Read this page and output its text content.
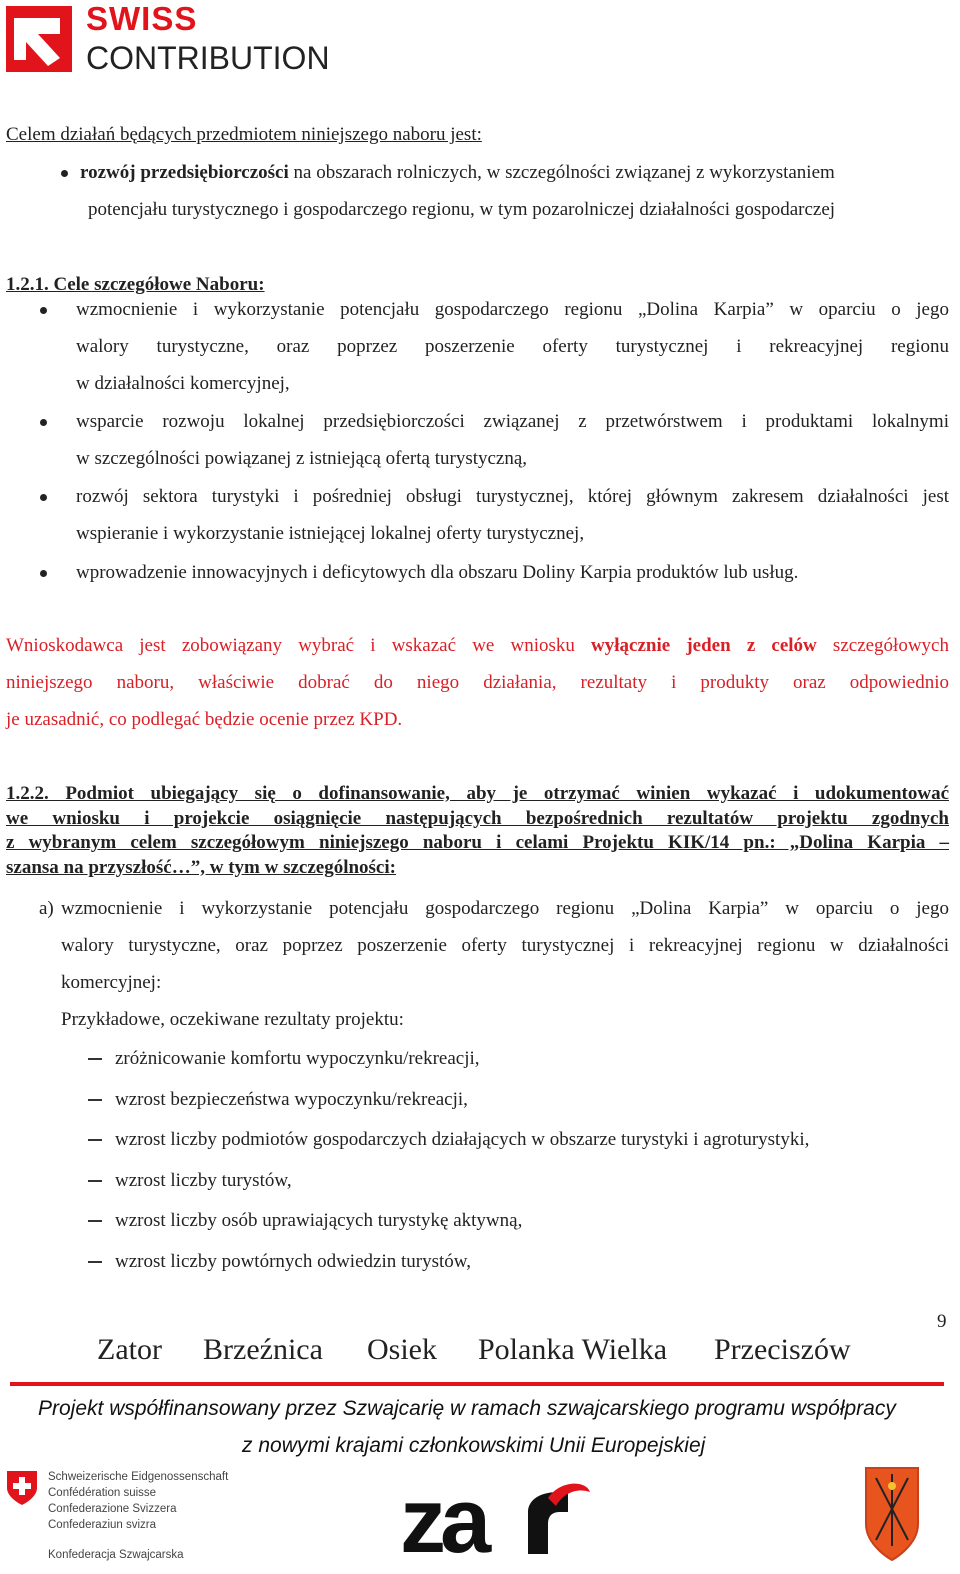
SWISS
CONTRIBUTION
Celem działań będących przedmiotem niniejszego naboru jest:
rozwój przedsiębiorczości na obszarach rolniczych, w szczególności związanej z wykorzystaniem
potencjału turystycznego i gospodarczego regionu, w tym pozarolniczej działalności gospodarczej
1.2.1. Cele szczegółowe Naboru:
wzmocnienie i wykorzystanie potencjału gospodarczego regionu „Dolina Karpia” w oparciu o jego
walory turystyczne, oraz poprzez poszerzenie oferty turystycznej i rekreacyjnej regionu
w działalności komercyjnej,
wsparcie rozwoju lokalnej przedsiębiorczości związanej z przetwórstwem i produktami lokalnymi
w szczególności powiązanej z istniejącą ofertą turystyczną,
rozwój sektora turystyki i pośredniej obsługi turystycznej, której głównym zakresem działalności jest
wspieranie i wykorzystanie istniejącej lokalnej oferty turystycznej,
wprowadzenie innowacyjnych i deficytowych dla obszaru Doliny Karpia produktów lub usług.
Wnioskodawca jest zobowiązany wybrać i wskazać we wniosku wyłącznie jeden z celów szczegółowych
niniejszego naboru, właściwie dobrać do niego działania, rezultaty i produkty oraz odpowiednio
je uzasadnić, co podlegać będzie ocenie przez KPD.
1.2.2. Podmiot ubiegający się o dofinansowanie, aby je otrzymać winien wykazać i udokumentować
we wniosku i projekcie osiągnięcie następujących bezpośrednich rezultatów projektu zgodnych
z wybranym celem szczegółowym niniejszego naboru i celami Projektu KIK/14 pn.: „Dolina Karpia –
szansa na przyszłość…”, w tym w szczególności:
a) wzmocnienie i wykorzystanie potencjału gospodarczego regionu „Dolina Karpia” w oparciu o jego
walory turystyczne, oraz poprzez poszerzenie oferty turystycznej i rekreacyjnej regionu w działalności
komercyjnej:
Przykładowe, oczekiwane rezultaty projektu:
zróżnicowanie komfortu wypoczynku/rekreacji,
wzrost bezpieczeństwa wypoczynku/rekreacji,
wzrost liczby podmiotów gospodarczych działających w obszarze turystyki i agroturystyki,
wzrost liczby turystów,
wzrost liczby osób uprawiających turystykę aktywną,
wzrost liczby powtórnych odwiedzin turystów,
9
Zator Brzeźnica Osiek Polanka Wielka Przeciszów
Projekt współfinansowany przez Szwajcarię w ramach szwajcarskiego programu współpracy
z nowymi krajami członkowskimi Unii Europejskiej
Schweizerische Eidgenossenschaft
Confédération suisse
Confederazione Svizzera
Confederaziun svizra
Konfederacja Szwajcarska za
